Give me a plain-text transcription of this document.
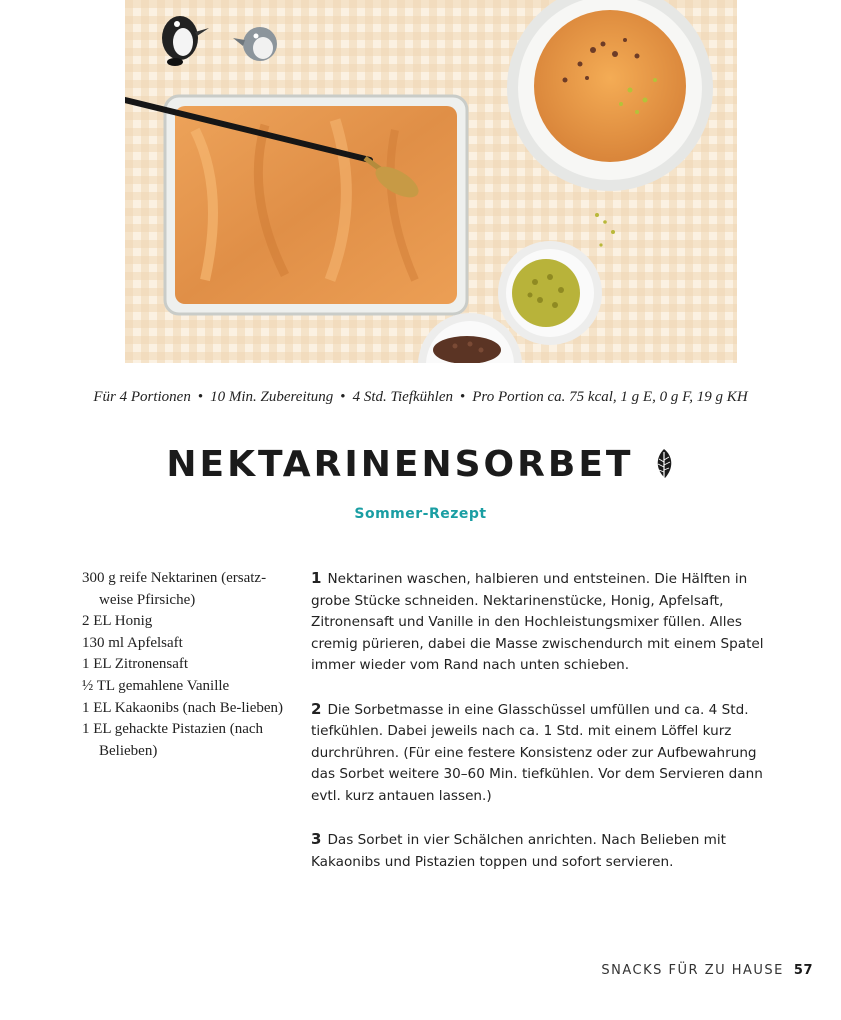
Für 4 Portionen • 10 Min. Zubereitung • 4 Std. Tiefkühlen • Pro Portion ca. 75 kcal, 1 g E, 0 g F, 19 g KH
NEKTARINENSORBET
Sommer-Rezept
300 g reife Nektarinen (ersatz-weise Pfirsiche)
2 EL Honig
130 ml Apfelsaft
1 EL Zitronensaft
½ TL gemahlene Vanille
1 EL Kakaonibs (nach Be-lieben)
1 EL gehackte Pistazien (nach Belieben)
1 Nektarinen waschen, halbieren und entsteinen. Die Hälften in grobe Stücke schneiden. Nektarinenstücke, Honig, Apfelsaft, Zitronensaft und Vanille in den Hochleistungsmixer füllen. Alles cremig pürieren, dabei die Masse zwischendurch mit einem Spatel immer wieder vom Rand nach unten schieben.
2 Die Sorbetmasse in eine Glasschüssel umfüllen und ca. 4 Std. tiefkühlen. Dabei jeweils nach ca. 1 Std. mit einem Löffel kurz durchrühren. (Für eine festere Konsistenz oder zur Aufbewahrung das Sorbet weitere 30–60 Min. tiefkühlen. Vor dem Servieren dann evtl. kurz antauen lassen.)
3 Das Sorbet in vier Schälchen anrichten. Nach Belieben mit Kakaonibs und Pistazien toppen und sofort servieren.
SNACKS FÜR ZU HAUSE 57
